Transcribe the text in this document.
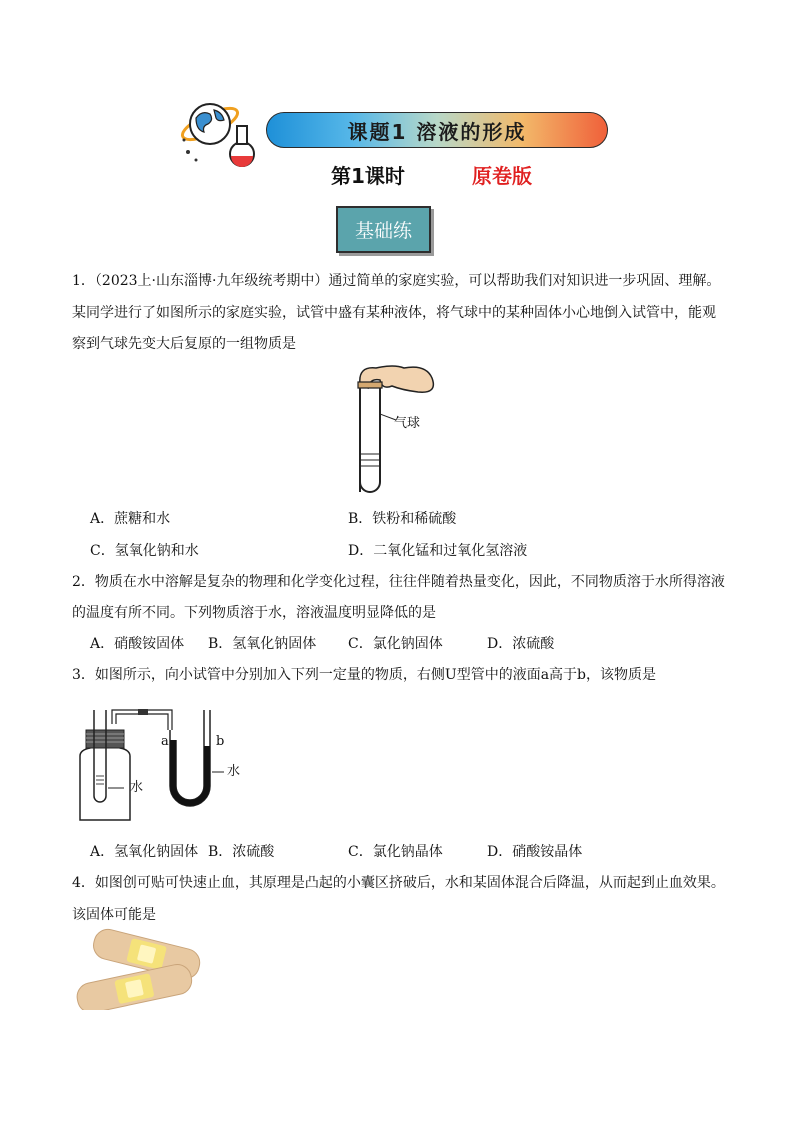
课题1 溶液的形成
第1课时	原卷版
基础练
1．（2023上·山东淄博·九年级统考期中）通过简单的家庭实验，可以帮助我们对知识进一步巩固、理解。
某同学进行了如图所示的家庭实验，试管中盛有某种液体，将气球中的某种固体小心地倒入试管中，能观
察到气球先变大后复原的一组物质是
气球
A．蔗糖和水	B．铁粉和稀硫酸
C．氢氧化钠和水	D．二氧化锰和过氧化氢溶液
2．物质在水中溶解是复杂的物理和化学变化过程，往往伴随着热量变化，因此，不同物质溶于水所得溶液
的温度有所不同。下列物质溶于水，溶液温度明显降低的是
A．硝酸铵固体 B．氢氧化钠固体 C．氯化钠固体	D．浓硫酸
3．如图所示，向小试管中分别加入下列一定量的物质，右侧U型管中的液面a高于b，该物质是
a	b
水
水
A．氢氧化钠固体 B．浓硫酸	C．氯化钠晶体	D．硝酸铵晶体
4．如图创可贴可快速止血，其原理是凸起的小囊区挤破后，水和某固体混合后降温，从而起到止血效果。
该固体可能是
